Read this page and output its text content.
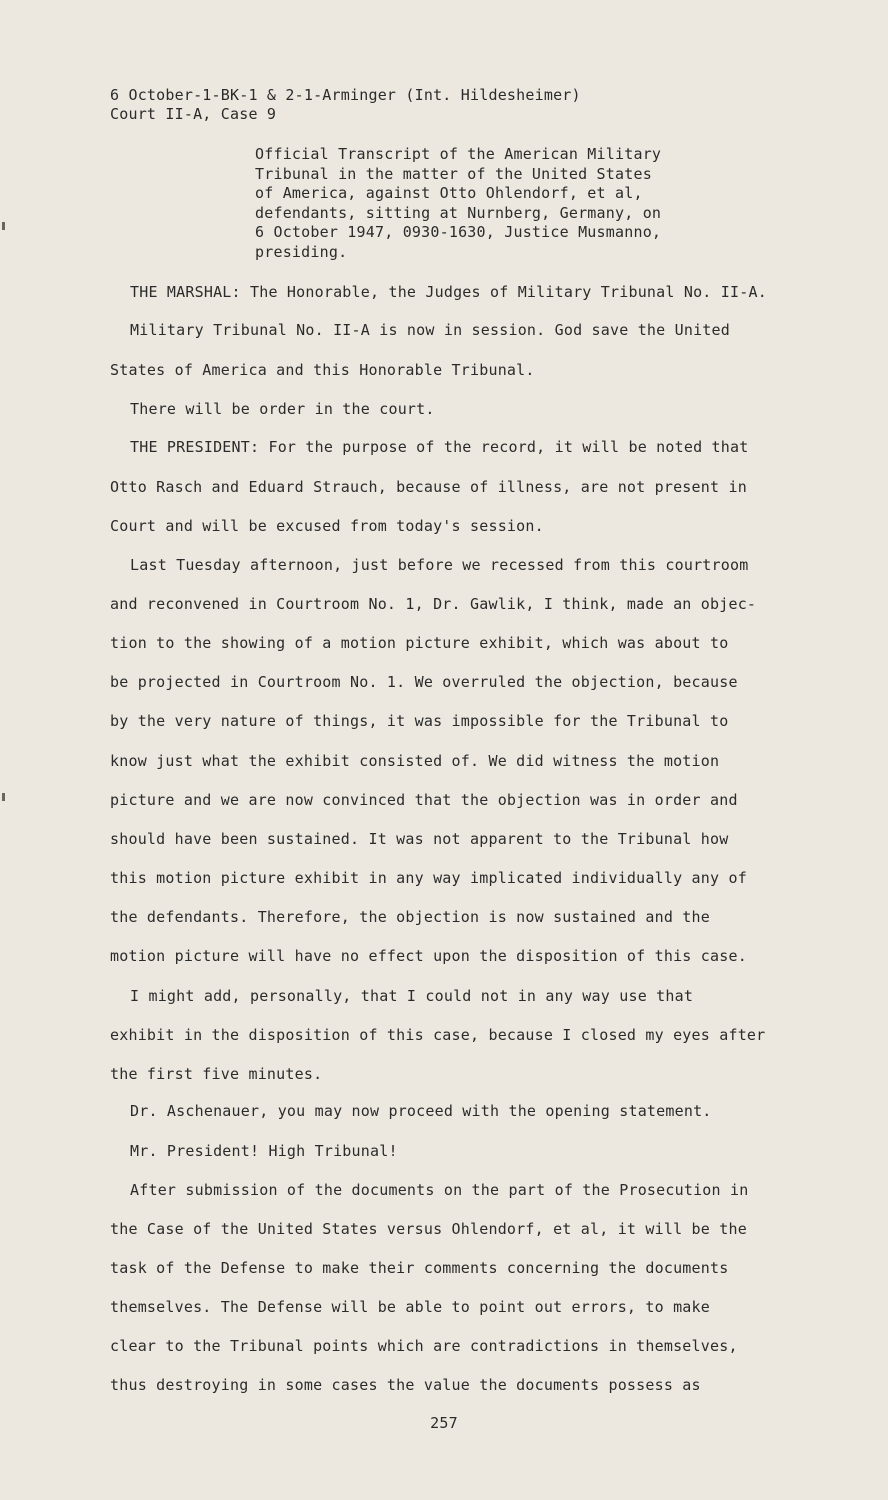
6 October-1-BK-1 & 2-1-Arminger (Int. Hildesheimer)
Court II-A, Case 9
Official Transcript of the American Military
Tribunal in the matter of the United States
of America, against Otto Ohlendorf, et al,
defendants, sitting at Nurnberg, Germany, on
6 October 1947, 0930-1630, Justice Musmanno,
presiding.
THE MARSHAL: The Honorable, the Judges of Military Tribunal No. II-A.
Military Tribunal No. II-A is now in session. God save the United
States of America and this Honorable Tribunal.
There will be order in the court.
THE PRESIDENT: For the purpose of the record, it will be noted that
Otto Rasch and Eduard Strauch, because of illness, are not present in
Court and will be excused from today's session.
Last Tuesday afternoon, just before we recessed from this courtroom
and reconvened in Courtroom No. 1, Dr. Gawlik, I think, made an objec-
tion to the showing of a motion picture exhibit, which was about to
be projected in Courtroom No. 1. We overruled the objection, because
by the very nature of things, it was impossible for the Tribunal to
know just what the exhibit consisted of. We did witness the motion
picture and we are now convinced that the objection was in order and
should have been sustained. It was not apparent to the Tribunal how
this motion picture exhibit in any way implicated individually any of
the defendants. Therefore, the objection is now sustained and the
motion picture will have no effect upon the disposition of this case.
I might add, personally, that I could not in any way use that
exhibit in the disposition of this case, because I closed my eyes after
the first five minutes.
Dr. Aschenauer, you may now proceed with the opening statement.
Mr. President! High Tribunal!
After submission of the documents on the part of the Prosecution in
the Case of the United States versus Ohlendorf, et al, it will be the
task of the Defense to make their comments concerning the documents
themselves. The Defense will be able to point out errors, to make
clear to the Tribunal points which are contradictions in themselves,
thus destroying in some cases the value the documents possess as
257
